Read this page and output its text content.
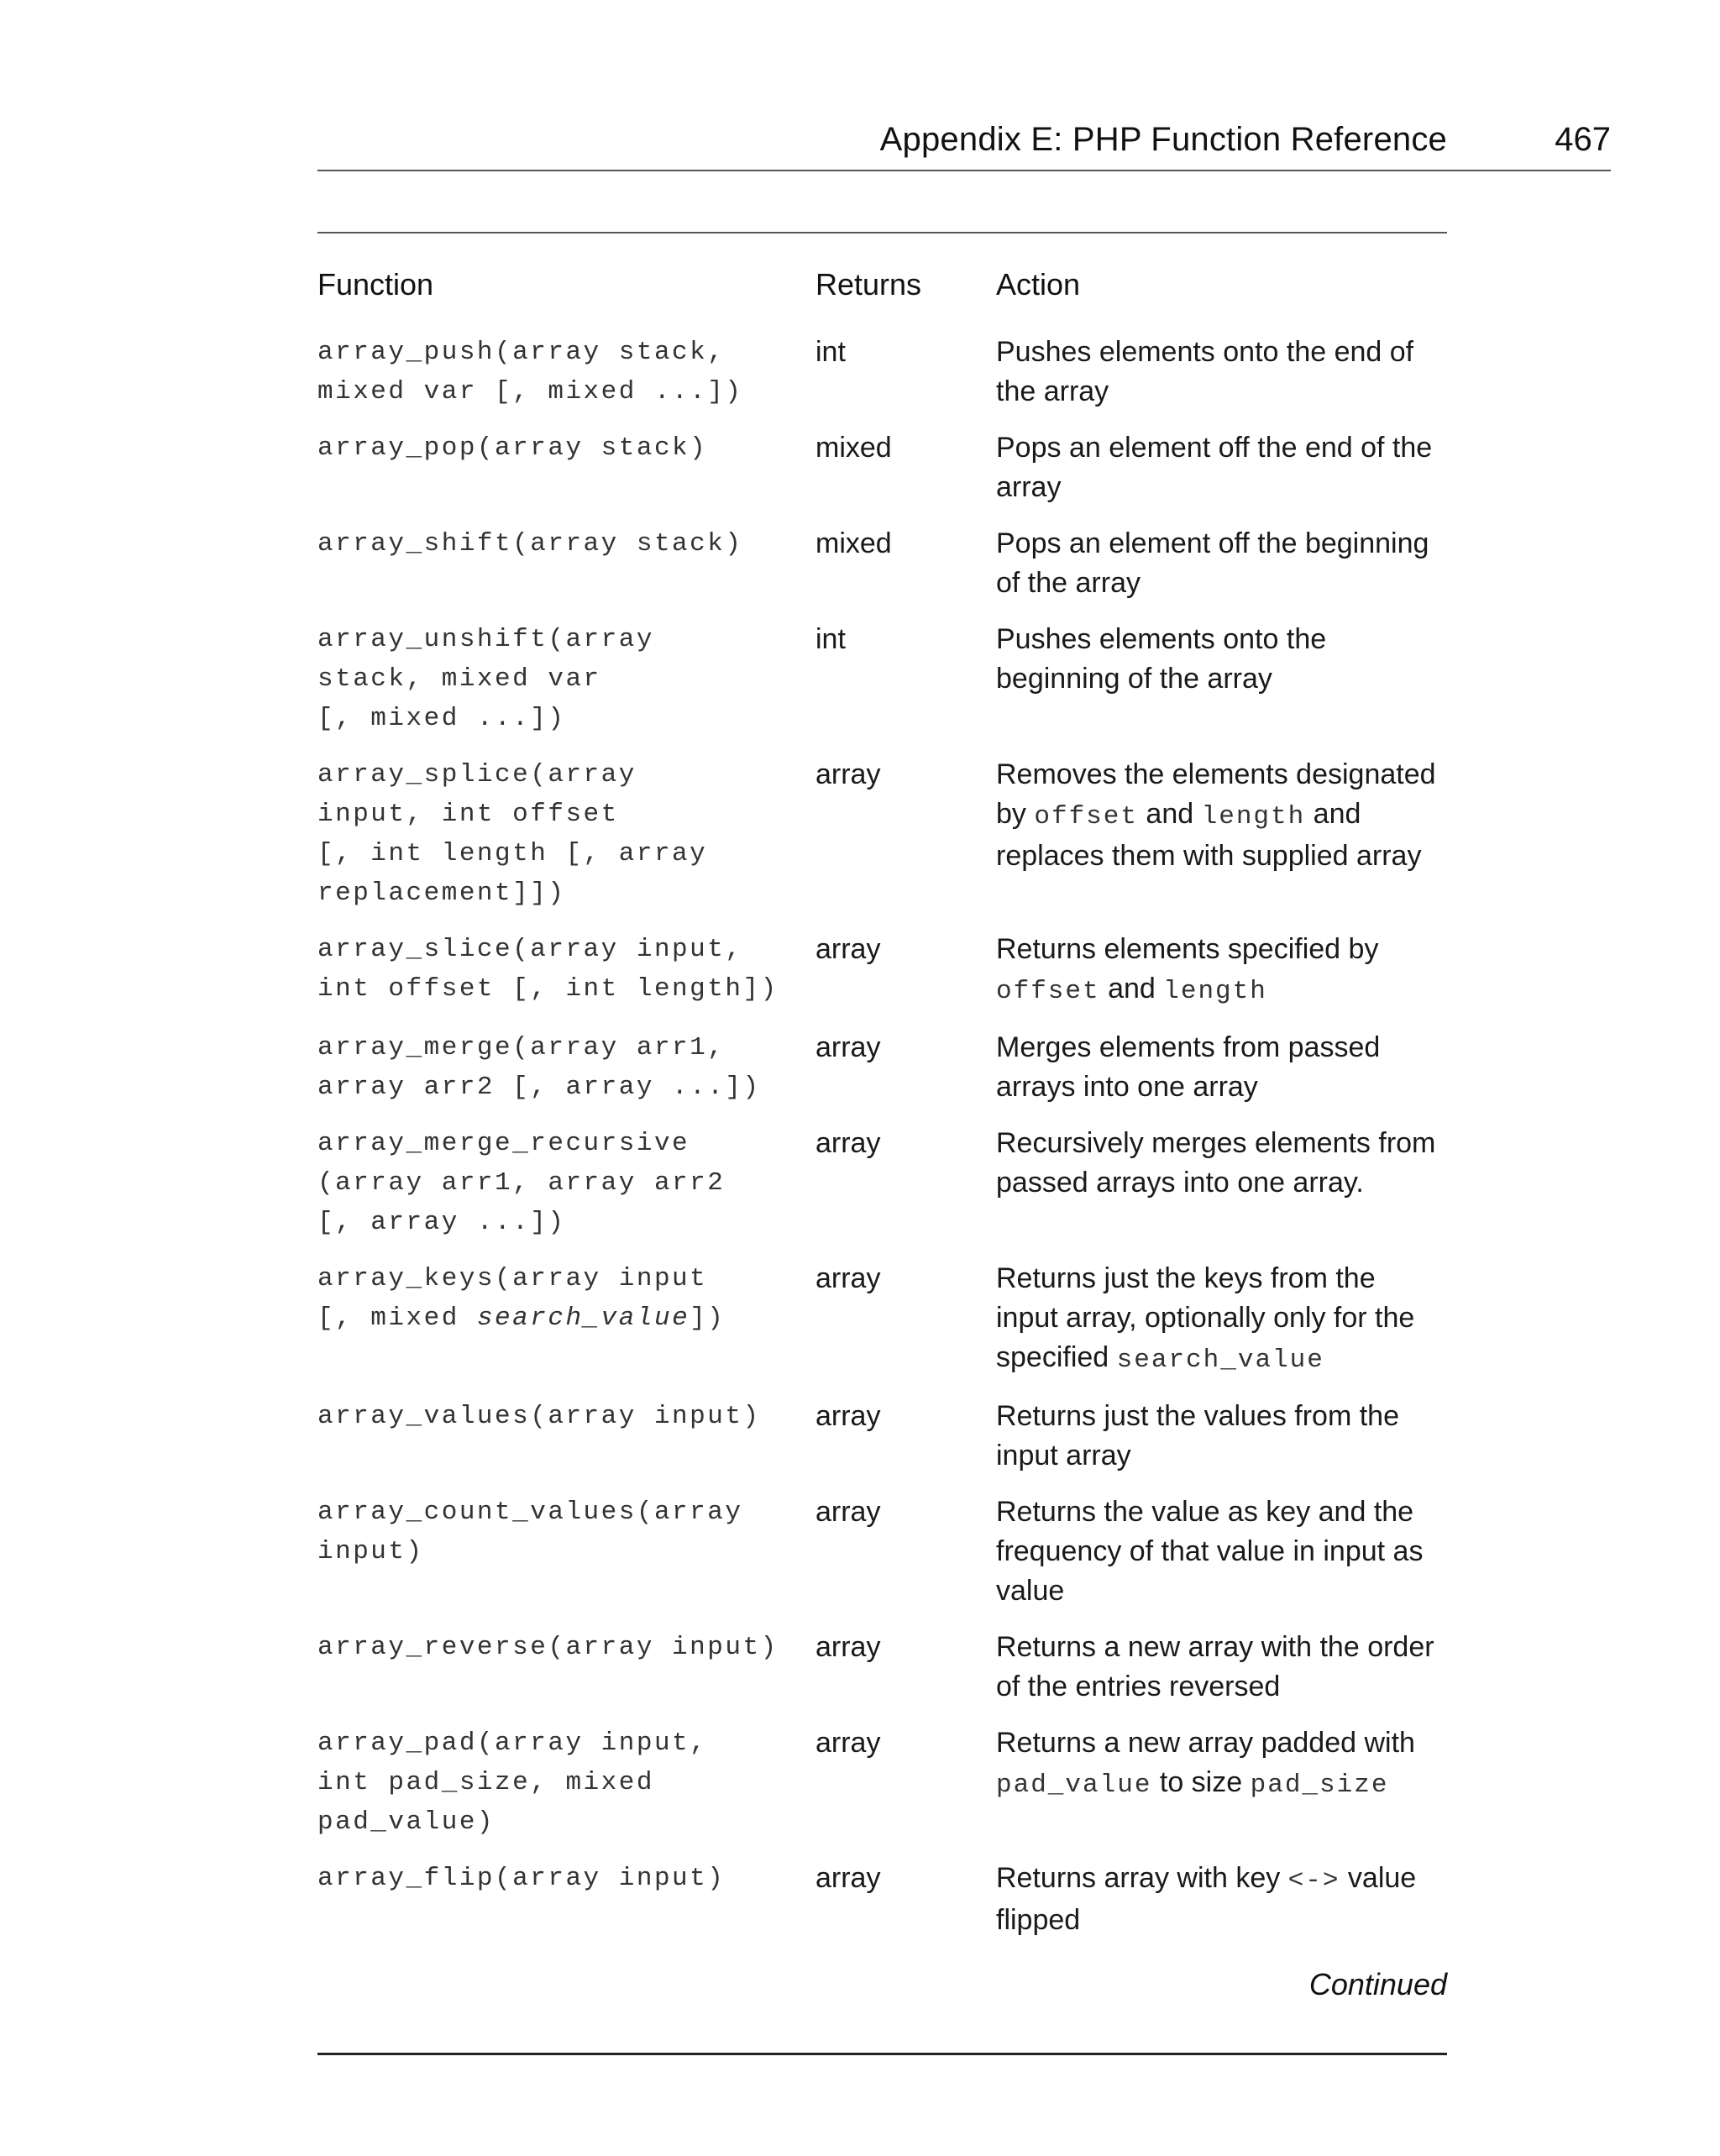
Appendix E: PHP Function Reference	467
Function	Returns	Action
array_push(array stack,
mixed var [, mixed ...])	int	Pushes elements onto the end of the array
array_pop(array stack)	mixed	Pops an element off the end of the array
array_shift(array stack)	mixed	Pops an element off the beginning of the array
array_unshift(array
stack, mixed var
[, mixed ...])	int	Pushes elements onto the beginning of the array
array_splice(array
input, int offset
[, int length [, array
replacement]])	array	Removes the elements designated by offset and length and replaces them with supplied array
array_slice(array input,
int offset [, int length])	array	Returns elements specified by offset and length
array_merge(array arr1,
array arr2 [, array ...])	array	Merges elements from passed arrays into one array
array_merge_recursive
(array arr1, array arr2
[, array ...])	array	Recursively merges elements from passed arrays into one array.
array_keys(array input
[, mixed search_value])	array	Returns just the keys from the input array, optionally only for the specified search_value
array_values(array input)	array	Returns just the values from the input array
array_count_values(array
input)	array	Returns the value as key and the frequency of that value in input as value
array_reverse(array input)	array	Returns a new array with the order of the entries reversed
array_pad(array input,
int pad_size, mixed
pad_value)	array	Returns a new array padded with pad_value to size pad_size
array_flip(array input)	array	Returns array with key <-> value flipped
Continued
